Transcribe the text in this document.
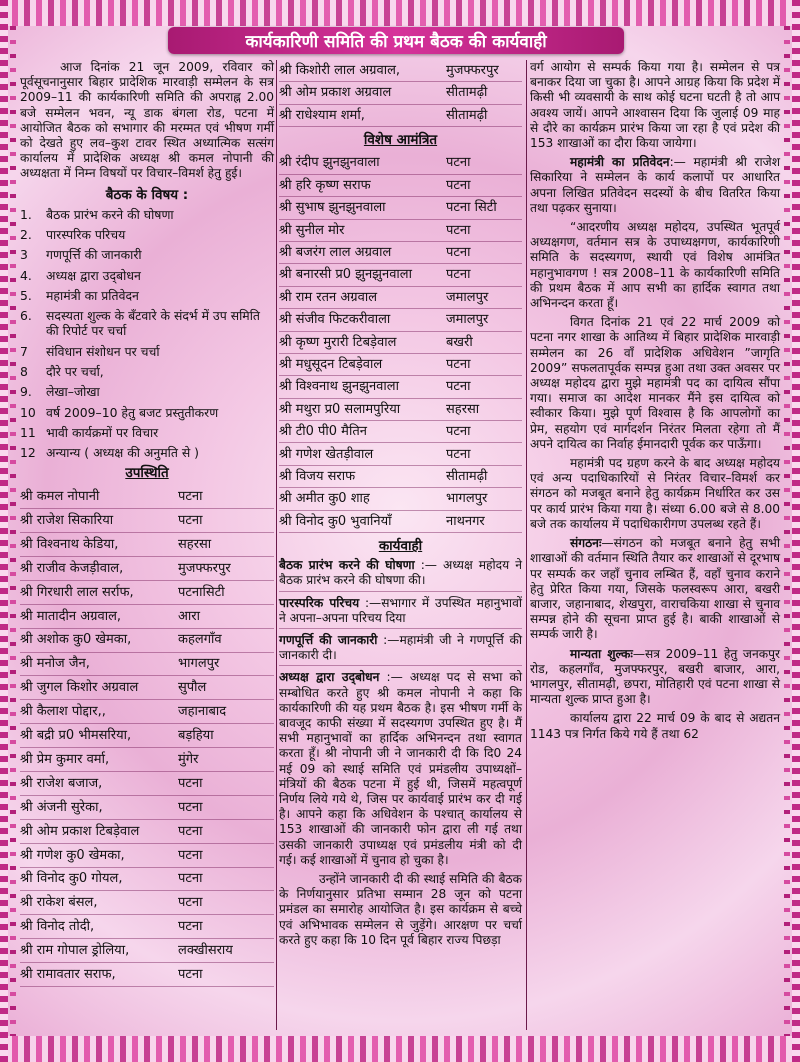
कार्यकारिणी समिति की प्रथम बैठक की कार्यवाही

आज दिनांक 21 जून 2009, रविवार को पूर्वसूचनानुसार बिहार प्रादेशिक मारवाड़ी सम्मेलन के सत्र 2009–11 की कार्यकारिणी समिति की अपराह्न 2.00 बजे सम्मेलन भवन, न्यू डाक बंगला रोड, पटना में आयोजित बैठक को सभागार की मरम्मत एवं भीषण गर्मी को देखते हुए लव–कुश टावर स्थित अध्यात्मिक सत्संग कार्यालय में प्रादेशिक अध्यक्ष श्री कमल नोपानी की अध्यक्षता में निम्न विषयों पर विचार–विमर्श हेतु हुई।

बैठक के विषय :
1.	बैठक प्रारंभ करने की घोषणा
2.	पारस्परिक परिचय
3	गणपूर्त्ति की जानकारी
4.	अध्यक्ष द्वारा उद्‌बोधन
5.	महामंत्री का प्रतिवेदन
6.	सदस्यता शुल्क के बँटवारे के संदर्भ में उप समिति की रिपोर्ट पर चर्चा
7	संविधान संशोधन पर चर्चा
8	दौरे पर चर्चा,
9.	लेखा–जोखा
10 वर्ष 2009–10 हेतु बजट प्रस्तुतीकरण
11 भावी कार्यक्रमों पर विचार
12 अन्यान्य ( अध्यक्ष की अनुमति से )
उपस्थिति
श्री कमल नोपानी	पटना
श्री राजेश सिकारिया	पटना
श्री विश्वनाथ केडिया,	सहरसा
श्री राजीव केजड़ीवाल,	मुजफ्फरपुर
श्री गिरधारी लाल सर्राफ,	पटनासिटी
श्री मातादीन अग्रवाल,	आरा
श्री अशोक कु0 खेमका,	कहलगाँव
श्री मनोज जैन,	भागलपुर
श्री जुगल किशोर अग्रवाल	सुपौल
श्री कैलाश पोद्दार,,	जहानाबाद
श्री बद्री प्र0 भीमसरिया,	बड़हिया
श्री प्रेम कुमार वर्मा,	मुंगेर
श्री राजेश बजाज,	पटना
श्री अंजनी सुरेका,	पटना
श्री ओम प्रकाश टिबड़ेवाल	पटना
श्री गणेश कु0 खेमका,	पटना
श्री विनोद कु0 गोयल,	पटना
श्री राकेश बंसल,	पटना
श्री विनोद तोदी,	पटना
श्री राम गोपाल ड्रोलिया,	लक्खीसराय
श्री रामावतार सराफ,	पटना
श्री किशोरी लाल अग्रवाल,	मुजफ्फरपुर
श्री ओम प्रकाश अग्रवाल	सीतामढ़ी
श्री राधेश्याम शर्मा,	सीतामढ़ी
विशेष आमंत्रित
श्री रंदीप झुनझुनवाला	पटना
श्री हरि कृष्ण सराफ	पटना
श्री सुभाष झुनझुनवाला	पटना सिटी
श्री सुनील मोर	पटना
श्री बजरंग लाल अग्रवाल	पटना
श्री बनारसी प्र0 झुनझुनवाला	पटना
श्री राम रतन अग्रवाल	जमालपुर
श्री संजीव फिटकरीवाला	जमालपुर
श्री कृष्ण मुरारी टिबड़ेवाल	बखरी
श्री मधुसूदन टिबड़ेवाल	पटना
श्री विश्वनाथ झुनझुनवाला	पटना
श्री मथुरा प्र0 सलामपुरिया	सहरसा
श्री टी0 पी0 मैतिन	पटना
श्री गणेश खेतड़ीवाल	पटना
श्री विजय सराफ	सीतामढ़ी
श्री अमीत कु0 शाह	भागलपुर
श्री विनोद कु0 भुवानियाँ	नाथनगर
कार्यवाही

बैठक प्रारंभ करने की घोषणा :— अध्यक्ष महोदय ने बैठक प्रारंभ करने की घोषणा की।

पारस्परिक परिचय :—सभागार में उपस्थित महानुभावों ने अपना–अपना परिचय दिया

गणपूर्त्ति की जानकारी :—महामंत्री जी ने गणपूर्त्ति की जानकारी दी।

अध्यक्ष द्वारा उद्‌बोधन :— अध्यक्ष पद से सभा को सम्बोधित करते हुए श्री कमल नोपानी ने कहा कि कार्यकारिणी की यह प्रथम बैठक है। इस भीषण गर्मी के बावजूद काफी संख्या में सदस्यगण उपस्थित हुए है। मैं सभी महानुभावों का हार्दिक अभिनन्दन तथा स्वागत करता हूँ। श्री नोपानी जी ने जानकारी दी कि दि0 24 मई 09 को स्थाई समिति एवं प्रमंडलीय उपाध्यक्षों–मंत्रियों की बैठक पटना में हुई थी, जिसमें महत्वपूर्ण निर्णय लिये गये थे, जिस पर कार्यवाई प्रारंभ कर दी गई है। आपने कहा कि अधिवेशन के पश्चात् कार्यालय से 153 शाखाओं की जानकारी फोन द्वारा ली गई तथा उसकी जानकारी उपाध्यक्ष एवं प्रमंडलीय मंत्री को दी गई। कई शाखाओं में चुनाव हो चुका है।

उन्होंने जानकारी दी की स्थाई समिति की बैठक के निर्णयानुसार प्रतिभा सम्मान 28 जून को पटना प्रमंडल का समारोह आयोजित है। इस कार्यक्रम से बच्चे एवं अभिभावक सम्मेलन से जुड़ेंगे। आरक्षण पर चर्चा करते हुए कहा कि 10 दिन पूर्व बिहार राज्य पिछड़ा

वर्ग आयोग से सम्पर्क किया गया है। सम्मेलन से पत्र बनाकर दिया जा चुका है। आपने आग्रह किया कि प्रदेश में किसी भी व्यवसायी के साथ कोई घटना घटती है तो आप अवश्य जायें। आपने आश्वासन दिया कि जुलाई 09 माह से दौरे का कार्यक्रम प्रारंभ किया जा रहा है एवं प्रदेश की 153 शाखाओं का दौरा किया जायेगा।

महामंत्री का प्रतिवेदन:— महामंत्री श्री राजेश सिकारिया ने सम्मेलन के कार्य कलापों पर आधारित अपना लिखित प्रतिवेदन सदस्यों के बीच वितरित किया तथा पढ़कर सुनाया।

“आदरणीय अध्यक्ष महोदय, उपस्थित भूतपूर्व अध्यक्षगण, वर्तमान सत्र के उपाध्यक्षगण, कार्यकारिणी समिति के सदस्यगण, स्थायी एवं विशेष आमंत्रित महानुभावगण ! सत्र 2008–11 के कार्यकारिणी समिति की प्रथम बैठक में आप सभी का हार्दिक स्वागत तथा अभिनन्दन करता हूँ।

विगत दिनांक 21 एवं 22 मार्च 2009 को पटना नगर शाखा के आतिथ्य में बिहार प्रादेशिक मारवाड़ी सम्मेलन का 26 वाँ प्रादेशिक अधिवेशन ”जागृति 2009” सफलतापूर्वक सम्पन्न हुआ तथा उक्त अवसर पर अध्यक्ष महोदय द्वारा मुझे महामंत्री पद का दायित्व सौंपा गया। समाज का आदेश मानकर मैंने इस दायित्व को स्वीकार किया। मुझे पूर्ण विश्वास है कि आपलोगों का प्रेम, सहयोग एवं मार्गदर्शन निरंतर मिलता रहेगा तो मैं अपने दायित्व का निर्वाह ईमानदारी पूर्वक कर पाऊँगा।

महामंत्री पद ग्रहण करने के बाद अध्यक्ष महोदय एवं अन्य पदाधिकारियों से निरंतर विचार–विमर्श कर संगठन को मजबूत बनाने हेतु कार्यक्रम निर्धारित कर उस पर कार्य प्रारंभ किया गया है। संध्या 6.00 बजे से 8.00 बजे तक कार्यालय में पदाधिकारीगण उपलब्ध रहते हैं।

संगठनः—संगठन को मजबूत बनाने हेतु सभी शाखाओं की वर्तमान स्थिति तैयार कर शाखाओं से दूरभाष पर सम्पर्क कर जहाँ चुनाव लम्बित हैं, वहाँ चुनाव कराने हेतु प्रेरित किया गया, जिसके फलस्वरूप आरा, बखरी बाजार, जहानाबाद, शेखपुरा, वाराचकिया शाखा से चुनाव सम्पन्न होने की सूचना प्राप्त हुई है। बाकी शाखाओं से सम्पर्क जारी है।

मान्यता शुल्कः—सत्र 2009–11 हेतु जनकपुर रोड, कहलगाँव, मुजफ्फरपुर, बखरी बाजार, आरा, भागलपुर, सीतामढ़ी, छपरा, मोतिहारी एवं पटना शाखा से मान्यता शुल्क प्राप्त हुआ है।

कार्यालय द्वारा 22 मार्च 09 के बाद से अद्यतन 1143 पत्र निर्गत किये गये हैं तथा 62
